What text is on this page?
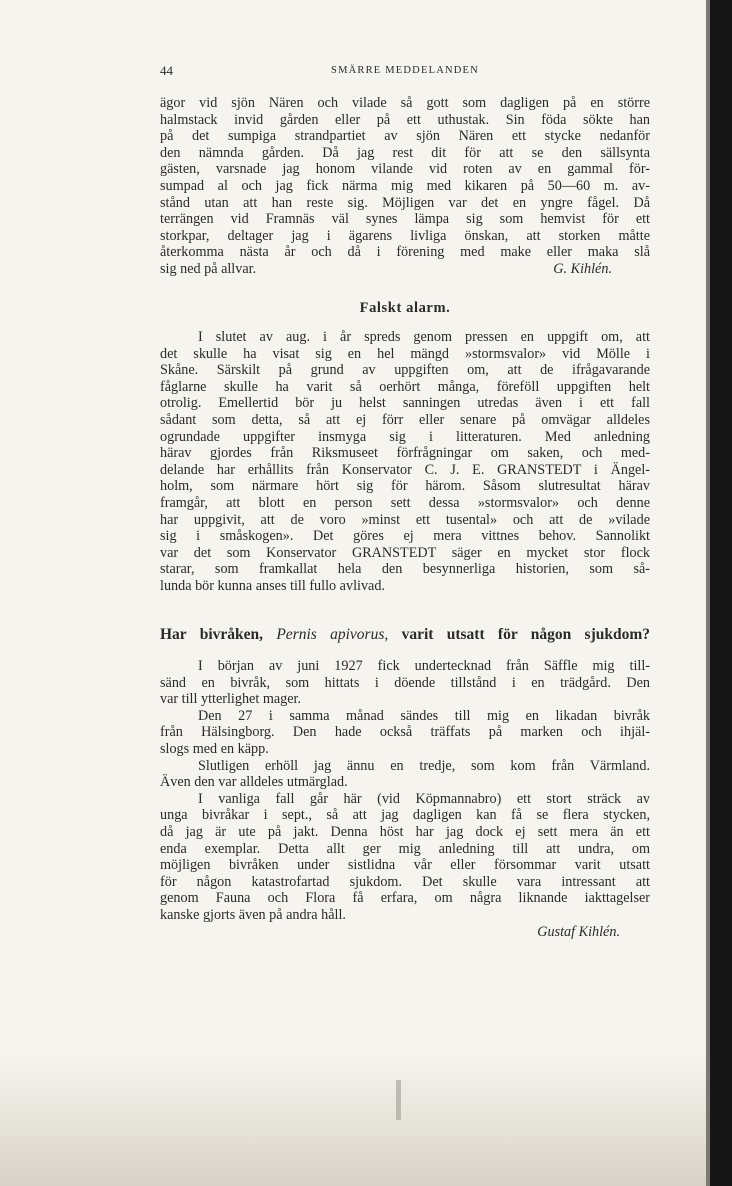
44	SMÄRRE MEDDELANDEN
ägor vid sjön Nären och vilade så gott som dagligen på en större
halmstack invid gården eller på ett uthustak. Sin föda sökte han
på det sumpiga strandpartiet av sjön Nären ett stycke nedanför
den nämnda gården. Då jag rest dit för att se den sällsynta
gästen, varsnade jag honom vilande vid roten av en gammal för-
sumpad al och jag fick närma mig med kikaren på 50—60 m. av-
stånd utan att han reste sig. Möjligen var det en yngre fågel. Då
terrängen vid Framnäs väl synes lämpa sig som hemvist för ett
storkpar, deltager jag i ägarens livliga önskan, att storken måtte
återkomma nästa år och då i förening med make eller maka slå
sig ned på allvar.	G. Kihlén.
Falskt alarm.
I slutet av aug. i år spreds genom pressen en uppgift om, att
det skulle ha visat sig en hel mängd »stormsvalor» vid Mölle i
Skåne. Särskilt på grund av uppgiften om, att de ifrågavarande
fåglarne skulle ha varit så oerhört många, föreföll uppgiften helt
otrolig. Emellertid bör ju helst sanningen utredas även i ett fall
sådant som detta, så att ej förr eller senare på omvägar alldeles
ogrundade uppgifter insmyga sig i litteraturen. Med anledning
härav gjordes från Riksmuseet förfrågningar om saken, och med-
delande har erhållits från Konservator C. J. E. GRANSTEDT i Ängel-
holm, som närmare hört sig för härom. Såsom slutresultat härav
framgår, att blott en person sett dessa »stormsvalor» och denne
har uppgivit, att de voro »minst ett tusental» och att de »vilade
sig i småskogen». Det göres ej mera vittnes behov. Sannolikt
var det som Konservator GRANSTEDT säger en mycket stor flock
starar, som framkallat hela den besynnerliga historien, som så-
lunda bör kunna anses till fullo avlivad.
Har bivråken, Pernis apivorus, varit utsatt för någon sjukdom?
I början av juni 1927 fick undertecknad från Säffle mig till-
sänd en bivråk, som hittats i döende tillstånd i en trädgård. Den
var till ytterlighet mager.
Den 27 i samma månad sändes till mig en likadan bivråk
från Hälsingborg. Den hade också träffats på marken och ihjäl-
slogs med en käpp.
Slutligen erhöll jag ännu en tredje, som kom från Värmland.
Även den var alldeles utmärglad.
I vanliga fall går här (vid Köpmannabro) ett stort sträck av
unga bivråkar i sept., så att jag dagligen kan få se flera stycken,
då jag är ute på jakt. Denna höst har jag dock ej sett mera än ett
enda exemplar. Detta allt ger mig anledning till att undra, om
möjligen bivråken under sistlidna vår eller försommar varit utsatt
för någon katastrofartad sjukdom. Det skulle vara intressant att
genom Fauna och Flora få erfara, om några liknande iakttagelser
kanske gjorts även på andra håll.
Gustaf Kihlén.
